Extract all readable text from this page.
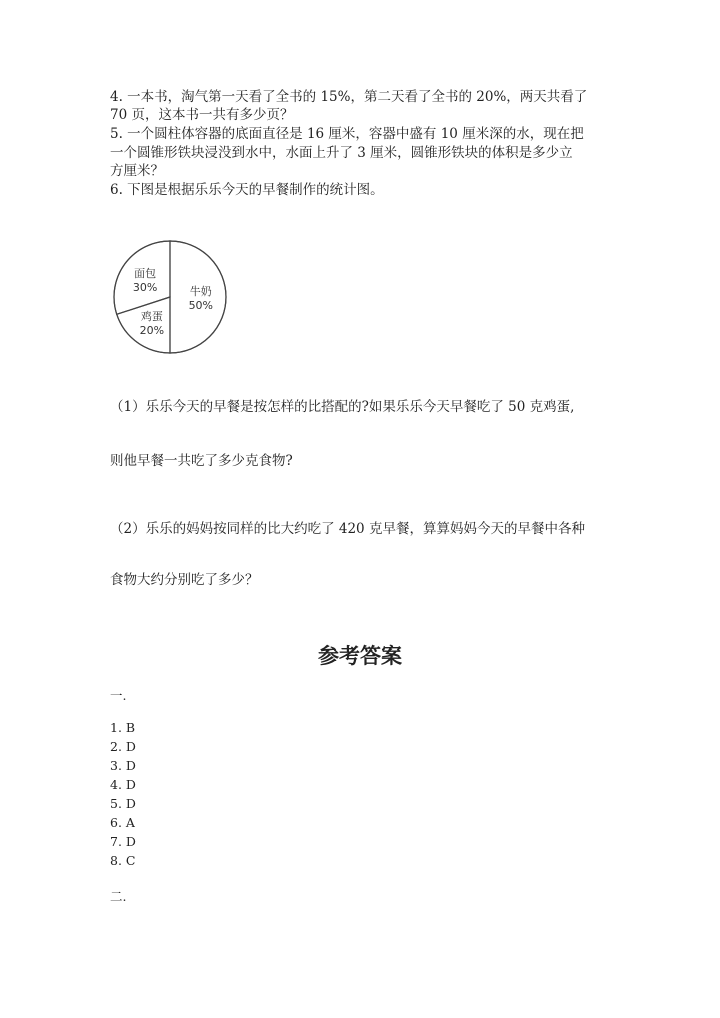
4. 一本书，淘气第一天看了全书的 15%，第二天看了全书的 20%，两天共看了
70 页，这本书一共有多少页？
5. 一个圆柱体容器的底面直径是 16 厘米，容器中盛有 10 厘米深的水，现在把
一个圆锥形铁块浸没到水中，水面上升了 3 厘米，圆锥形铁块的体积是多少立
方厘米？
6. 下图是根据乐乐今天的早餐制作的统计图。
牛奶
50%
鸡蛋
20%
面包
30%
（1）乐乐今天的早餐是按怎样的比搭配的?如果乐乐今天早餐吃了 50 克鸡蛋,
则他早餐一共吃了多少克食物?
（2）乐乐的妈妈按同样的比大约吃了 420 克早餐，算算妈妈今天的早餐中各种
食物大约分别吃了多少？
参考答案
一.
1. B
2. D
3. D
4. D
5. D
6. A
7. D
8. C
二.
